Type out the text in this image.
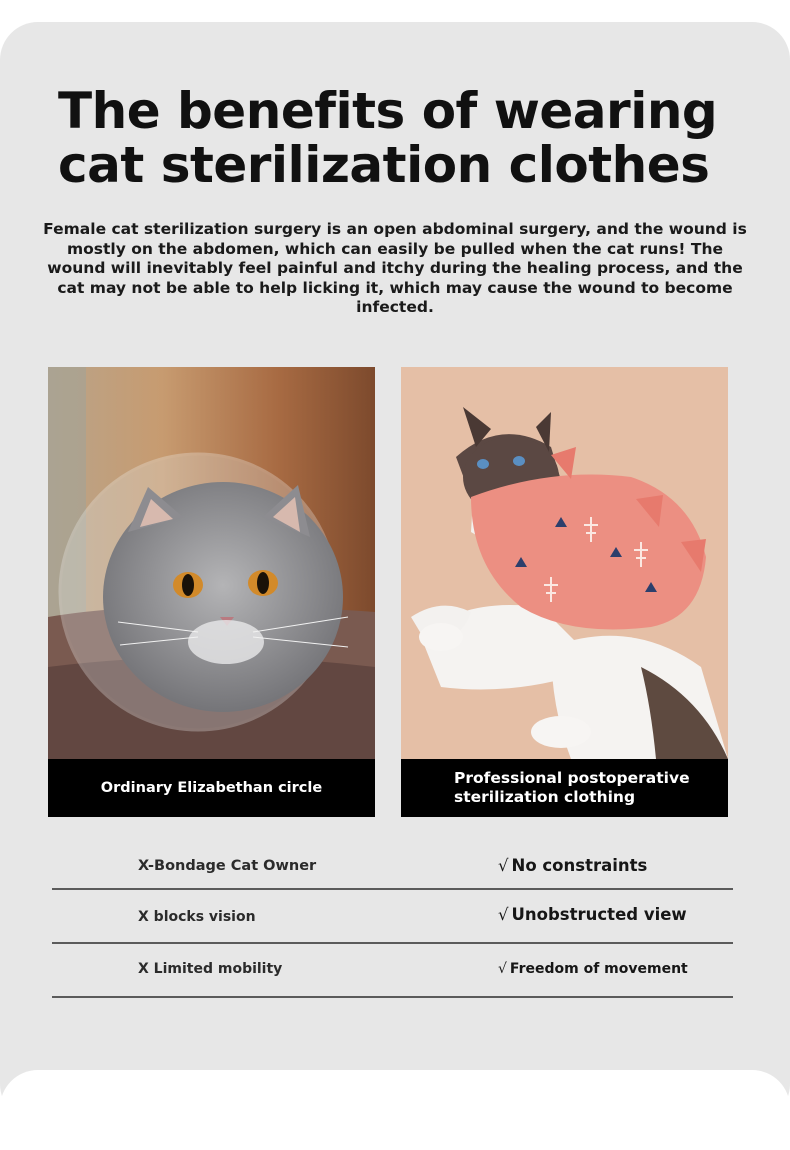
The benefits of wearing cat sterilization clothes

Female cat sterilization surgery is an open abdominal surgery, and the wound is mostly on the abdomen, which can easily be pulled when the cat runs! The wound will inevitably feel painful and itchy during the healing process, and the cat may not be able to help licking it, which may cause the wound to become infected.

Ordinary Elizabethan circle
Professional postoperative sterilization clothing
X-Bondage Cat Owner	√ No constraints
X blocks vision	√ Unobstructed view
X Limited mobility	√ Freedom of movement
